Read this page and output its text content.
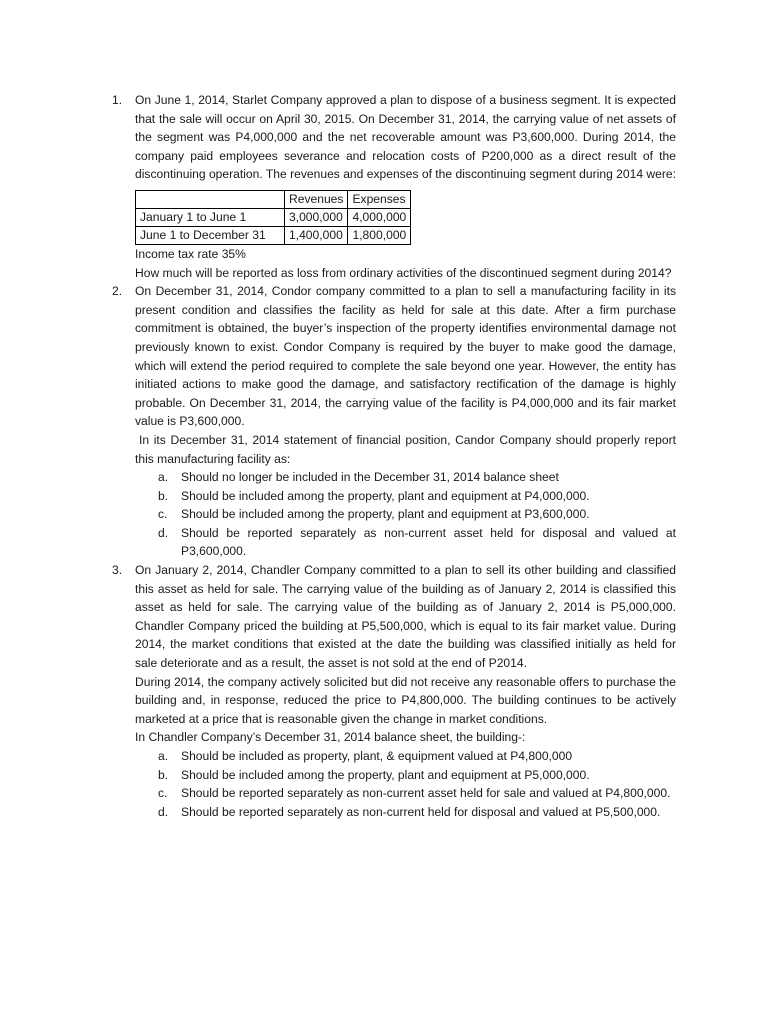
1. On June 1, 2014, Starlet Company approved a plan to dispose of a business segment. It is expected that the sale will occur on April 30, 2015. On December 31, 2014, the carrying value of net assets of the segment was P4,000,000 and the net recoverable amount was P3,600,000. During 2014, the company paid employees severance and relocation costs of P200,000 as a direct result of the discontinuing operation. The revenues and expenses of the discontinuing segment during 2014 were:
	Revenues	Expenses
January 1 to June 1	3,000,000	4,000,000
June 1 to December 31	1,400,000	1,800,000
Income tax rate 35%
How much will be reported as loss from ordinary activities of the discontinued segment during 2014?
2. On December 31, 2014, Condor company committed to a plan to sell a manufacturing facility in its present condition and classifies the facility as held for sale at this date. After a firm purchase commitment is obtained, the buyer’s inspection of the property identifies environmental damage not previously known to exist. Condor Company is required by the buyer to make good the damage, which will extend the period required to complete the sale beyond one year. However, the entity has initiated actions to make good the damage, and satisfactory rectification of the damage is highly probable. On December 31, 2014, the carrying value of the facility is P4,000,000 and its fair market value is P3,600,000.
In its December 31, 2014 statement of financial position, Candor Company should properly report this manufacturing facility as:
a. Should no longer be included in the December 31, 2014 balance sheet
b. Should be included among the property, plant and equipment at P4,000,000.
c. Should be included among the property, plant and equipment at P3,600,000.
d. Should be reported separately as non-current asset held for disposal and valued at P3,600,000.
3. On January 2, 2014, Chandler Company committed to a plan to sell its other building and classified this asset as held for sale. The carrying value of the building as of January 2, 2014 is classified this asset as held for sale. The carrying value of the building as of January 2, 2014 is P5,000,000. Chandler Company priced the building at P5,500,000, which is equal to its fair market value. During 2014, the market conditions that existed at the date the building was classified initially as held for sale deteriorate and as a result, the asset is not sold at the end of P2014.
During 2014, the company actively solicited but did not receive any reasonable offers to purchase the building and, in response, reduced the price to P4,800,000. The building continues to be actively marketed at a price that is reasonable given the change in market conditions.
In Chandler Company’s December 31, 2014 balance sheet, the building-:
a. Should be included as property, plant, & equipment valued at P4,800,000
b. Should be included among the property, plant and equipment at P5,000,000.
c. Should be reported separately as non-current asset held for sale and valued at P4,800,000.
d. Should be reported separately as non-current held for disposal and valued at P5,500,000.
